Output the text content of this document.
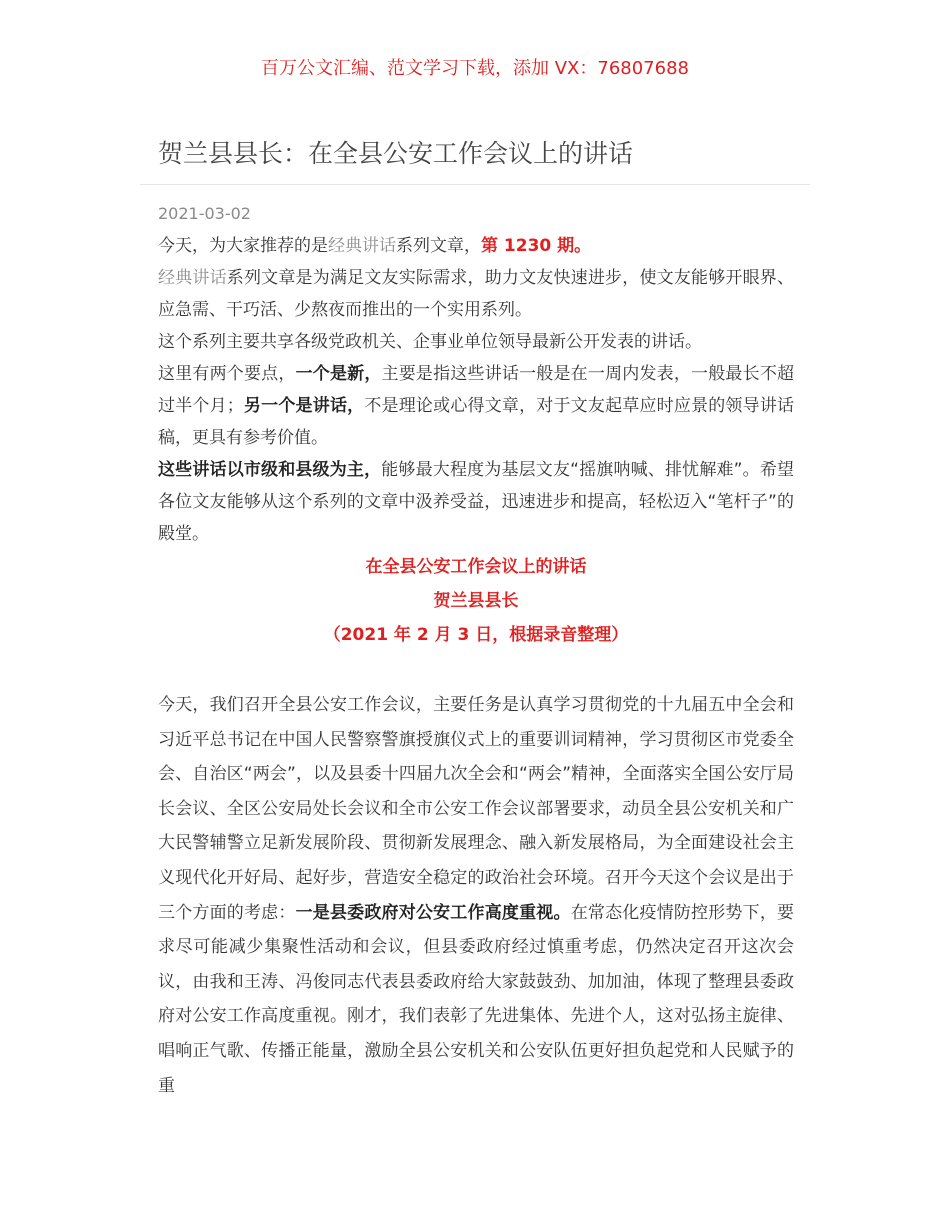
百万公文汇编、范文学习下载，添加 VX：76807688
贺兰县县长：在全县公安工作会议上的讲话
2021-03-02

今天，为大家推荐的是经典讲话系列文章，第 1230 期。

经典讲话系列文章是为满足文友实际需求，助力文友快速进步，使文友能够开眼界、应急需、干巧活、少熬夜而推出的一个实用系列。

这个系列主要共享各级党政机关、企事业单位领导最新公开发表的讲话。

这里有两个要点，一个是新，主要是指这些讲话一般是在一周内发表，一般最长不超过半个月；另一个是讲话，不是理论或心得文章，对于文友起草应时应景的领导讲话稿，更具有参考价值。

这些讲话以市级和县级为主，能够最大程度为基层文友“摇旗呐喊、排忧解难”。希望各位文友能够从这个系列的文章中汲养受益，迅速进步和提高，轻松迈入“笔杆子”的殿堂。

在全县公安工作会议上的讲话
贺兰县县长
（2021 年 2 月 3 日，根据录音整理）

今天，我们召开全县公安工作会议，主要任务是认真学习贯彻党的十九届五中全会和习近平总书记在中国人民警察警旗授旗仪式上的重要训词精神，学习贯彻区市党委全会、自治区“两会”，以及县委十四届九次全会和“两会”精神，全面落实全国公安厅局长会议、全区公安局处长会议和全市公安工作会议部署要求，动员全县公安机关和广大民警辅警立足新发展阶段、贯彻新发展理念、融入新发展格局，为全面建设社会主义现代化开好局、起好步，营造安全稳定的政治社会环境。召开今天这个会议是出于三个方面的考虑：一是县委政府对公安工作高度重视。在常态化疫情防控形势下，要求尽可能减少集聚性活动和会议，但县委政府经过慎重考虑，仍然决定召开这次会议，由我和王涛、冯俊同志代表县委政府给大家鼓鼓劲、加加油，体现了整理县委政府对公安工作高度重视。刚才，我们表彰了先进集体、先进个人，这对弘扬主旋律、唱响正气歌、传播正能量，激励全县公安机关和公安队伍更好担负起党和人民赋予的重
